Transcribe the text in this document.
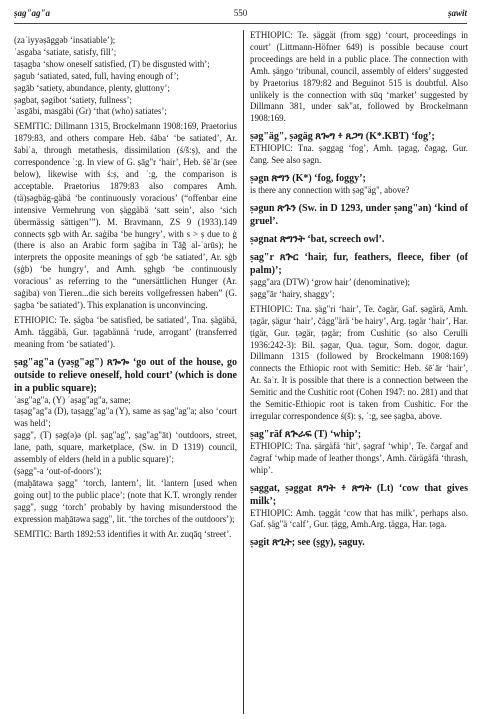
ṣag"ag"a	550	ṣawit

(zaʿiyyəṣāggəb ‘insatiable’);

ʾasgaba ‘satiate, satisfy, fill’;

taṣagba ‘show oneself satisfied, (T) be disgusted with’;

ṣəgub ‘satiated, sated, full, having enough of’;

ṣəgāb ‘satiety, abundance, plenty, gluttony’;

ṣəgbat, ṣəgibot ‘satiety, fullness’;

ʾasgābi, masgābi (Gr) ‘that (who) satiates’;

SEMITIC: Dillmann 1315, Brockelmann 1908:169, Praetorius 1879:83, and others compare Heb. śāba‘ ‘be satiated’, Ar. šabiʿa, through metathesis, dissimilation (ś/š:ṣ), and the correspondence ʿ:g. In view of G. ṣāg"r ‘hair’, Heb. śēʿār (see below), likewise with ś:ṣ, and ʿ:g, the comparison is acceptable. Praetorius 1879:83 also compares Amh. (tä)ṣəgbäg-gäbä ‘be continuously voracious’ (“offenbar eine intensive Vermehrung von ṣäggäbä ‘satt sein’, also ‘sich übermässig sättigen’”). M. Bravmann, ZS 9 (1933).149 connects ṣgb with Ar. saġiba ‘be hungry’, with s > ṣ due to ġ (there is also an Arabic form ṣaġiba in Tāǧ al-ʿarūs); he interprets the opposite meanings of ṣgb ‘be satiated’, Ar. sġb (ṣġb) ‘be hungry’, and Amh. ṣghgb ‘be continuously voracious’ as referring to the “unersättlichen Hunger (Ar. saġiba) von Tieren...die sich bereits vollgefressen haben” (G. ṣagba ‘be satiated’). This explanation is unconvincing.

ETHIOPIC: Te. ṣägba ‘be satisfied, be satiated’, Tna. ṣägäbä, Amh. täggäbä, Gur. ṭəgabännä ‘rude, arrogant’ (transferred meaning from ‘be satiated’).

ṣag"ag"a (yəṣg"əg") ጸጐጐ ‘go out of the house, go outside to relieve oneself, hold court’ (which is done in a public square);

ʾasg"ag"a, (Y) ʾaṣag"ag"a, same;

taṣag"ag"a (D), taṣagg"ag"a (Y), same as ṣag"ag"a; also ‘court was held’;

ṣagg", (T) ṣəg(ə)ə (pl. ṣag"ag", ṣag"ag"āt) ‘outdoors, street, lane, path, square, marketplace, (Sw. in D 1319) council, assembly of elders (held in a public square)’;

(ṣəgg"-a ‘out-of-doors’);

(maḫātəwa ṣəgg" ‘torch, lantern’, lit. ‘lantern [used when going out] to the public place’; (note that K.T. wrongly render ṣagg", ṣugg ‘torch’ probably by having misunderstood the expression maḫātəwa ṣagg", lit. ‘the torches of the outdoors’);

SEMITIC: Barth 1892:53 identifies it with Ar. zuqāq ‘street’.

ETHIOPIC: Te. ṣäggät (from sgg) ‘court, proceedings in court’ (Littmann-Höfner 649) is possible because court proceedings are held in a public place. The connection with Amh. ṣäŋgo ‘tribunal, council, assembly of elders’ suggested by Praetorius 1879:82 and Beguinot 515 is doubtful. Also unlikely is the connection with sūq ‘market’ suggested by Dillmann 381, under sak"at, followed by Brockelmann 1908:169.

ṣəg"äg", ṣəgäg ጸጐግ ፥ ጸጋግ (K*.KBT) ‘fog’;

ETHIOPIC: Tna. ṣəggag ‘fog’, Amh. ṭəgag, čəgag, Gur. čang. See also ṣəgn.

ṣəgn ጽግን (K*) ‘fog, foggy’;

is there any connection with ṣəg"äg", above?

ṣəgun ጽጉን (Sw. in D 1293, under ṣəng"ən) ‘kind of gruel’.

ṣəgnat ጽግንት ‘bat, screech owl’.

ṣag"r ጸጕር ‘hair, fur, feathers, fleece, fiber (of palm)’;

ṣagg"ara (DTW) ‘grow hair’ (denominative);

ṣəgg"ār ‘hairy, shaggy’;

ETHIOPIC: Tna. ṣäg"ri ‘hair’, Te. čəgär, Gaf. ṣəgärä, Amh. ṭəgär, ṣägur ‘hair’, čägg"ärä ‘be hairy’, Arg. ṭəgär ‘hair’, Har. ṭigär, Gur. ṭəgär, ṭəgär; from Cushitic (so also Cerulli 1936:242-3): Bil. ṣəgar, Qua. ṭəgur, Som. dogor, dagur. Dillmann 1315 (followed by Brockelmann 1908:169) connects the Ethiopic root with Semitic: Heb. śēʿār ‘hair’, Ar. šaʿr. It is possible that there is a connection between the Semitic and the Cushitic root (Cohen 1947: no. 281) and that the Semitic-Ethiopic root is taken from Cushitic. For the irregular correspondence ś(š): ṣ, ʿ:g, see ṣagba, above.

ṣag"rāf ጸጕራፍ (T) ‘whip’;

ETHIOPIC: Tna. ṣärgäfä ‘hit’, ṣəgraf ‘whip’, Te. čərgaf and čəgraf ‘whip made of leather thongs’, Amh. čärägäfä ‘thrash, whip’.

ṣaggat, ṣəggat ጸግት ፥ ጽግት (Lt) ‘cow that gives milk’;

ETHIOPIC: Amh. ṭəggät ‘cow that has milk’, perhaps also. Gaf. ṣäg"ä ‘calf’, Gur. ṭägg, Amh.Arg. ṭägga, Har. ṭəga.

ṣəgit ጽጊት; see (ṣgy), ṣaguy.
